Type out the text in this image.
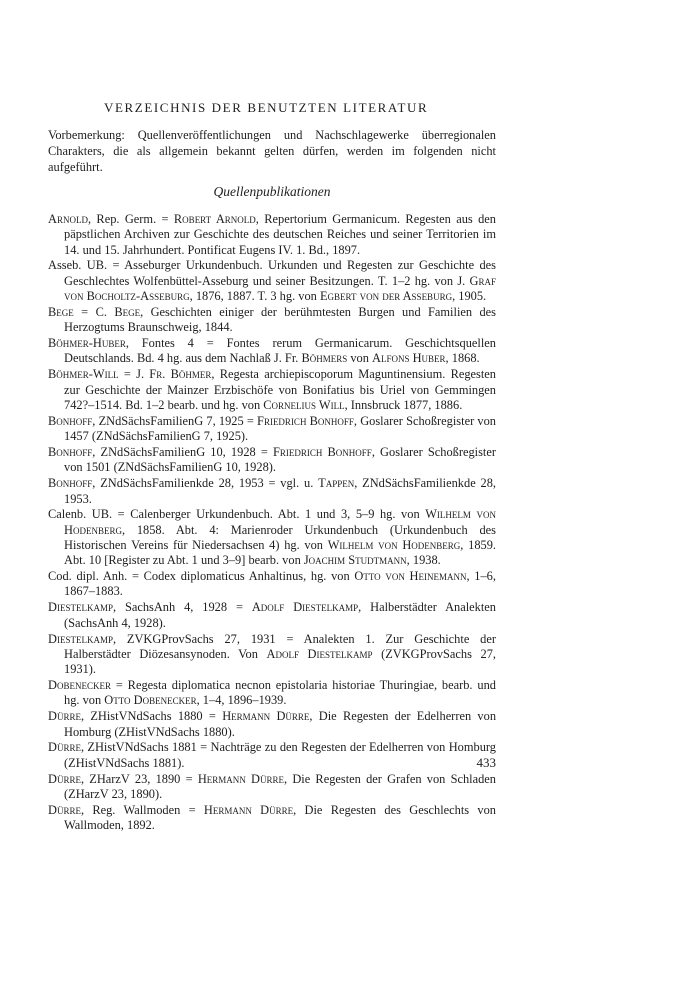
VERZEICHNIS DER BENUTZTEN LITERATUR
Vorbemerkung: Quellenveröffentlichungen und Nachschlagewerke überregionalen Charakters, die als allgemein bekannt gelten dürfen, werden im folgenden nicht aufgeführt.
Quellenpublikationen
Arnold, Rep. Germ. = Robert Arnold, Repertorium Germanicum. Regesten aus den päpstlichen Archiven zur Geschichte des deutschen Reiches und seiner Territorien im 14. und 15. Jahrhundert. Pontificat Eugens IV. 1. Bd., 1897.
Asseb. UB. = Asseburger Urkundenbuch. Urkunden und Regesten zur Geschichte des Geschlechtes Wolfenbüttel-Asseburg und seiner Besitzungen. T. 1–2 hg. von J. Graf von Bocholtz-Asseburg, 1876, 1887. T. 3 hg. von Egbert von der Asseburg, 1905.
Bege = C. Bege, Geschichten einiger der berühmtesten Burgen und Familien des Herzogtums Braunschweig, 1844.
Böhmer-Huber, Fontes 4 = Fontes rerum Germanicarum. Geschichtsquellen Deutschlands. Bd. 4 hg. aus dem Nachlaß J. Fr. Böhmers von Alfons Huber, 1868.
Böhmer-Will = J. Fr. Böhmer, Regesta archiepiscoporum Maguntinensium. Regesten zur Geschichte der Mainzer Erzbischöfe von Bonifatius bis Uriel von Gemmingen 742?–1514. Bd. 1–2 bearb. und hg. von Cornelius Will, Innsbruck 1877, 1886.
Bonhoff, ZNdSächsFamilienG 7, 1925 = Friedrich Bonhoff, Goslarer Schoßregister von 1457 (ZNdSächsFamilienG 7, 1925).
Bonhoff, ZNdSächsFamilienG 10, 1928 = Friedrich Bonhoff, Goslarer Schoßregister von 1501 (ZNdSächsFamilienG 10, 1928).
Bonhoff, ZNdSächsFamilienkde 28, 1953 = vgl. u. Tappen, ZNdSächsFamilienkde 28, 1953.
Calenb. UB. = Calenberger Urkundenbuch. Abt. 1 und 3, 5–9 hg. von Wilhelm von Hodenberg, 1858. Abt. 4: Marienroder Urkundenbuch (Urkundenbuch des Historischen Vereins für Niedersachsen 4) hg. von Wilhelm von Hodenberg, 1859. Abt. 10 [Register zu Abt. 1 und 3–9] bearb. von Joachim Studtmann, 1938.
Cod. dipl. Anh. = Codex diplomaticus Anhaltinus, hg. von Otto von Heinemann, 1–6, 1867–1883.
Diestelkamp, SachsAnh 4, 1928 = Adolf Diestelkamp, Halberstädter Analekten (SachsAnh 4, 1928).
Diestelkamp, ZVKGProvSachs 27, 1931 = Analekten 1. Zur Geschichte der Halberstädter Diözesansynoden. Von Adolf Diestelkamp (ZVKGProvSachs 27, 1931).
Dobenecker = Regesta diplomatica necnon epistolaria historiae Thuringiae, bearb. und hg. von Otto Dobenecker, 1–4, 1896–1939.
Dürre, ZHistVNdSachs 1880 = Hermann Dürre, Die Regesten der Edelherren von Homburg (ZHistVNdSachs 1880).
Dürre, ZHistVNdSachs 1881 = Nachträge zu den Regesten der Edelherren von Homburg (ZHistVNdSachs 1881).
Dürre, ZHarzV 23, 1890 = Hermann Dürre, Die Regesten der Grafen von Schladen (ZHarzV 23, 1890).
Dürre, Reg. Wallmoden = Hermann Dürre, Die Regesten des Geschlechts von Wallmoden, 1892.
433
